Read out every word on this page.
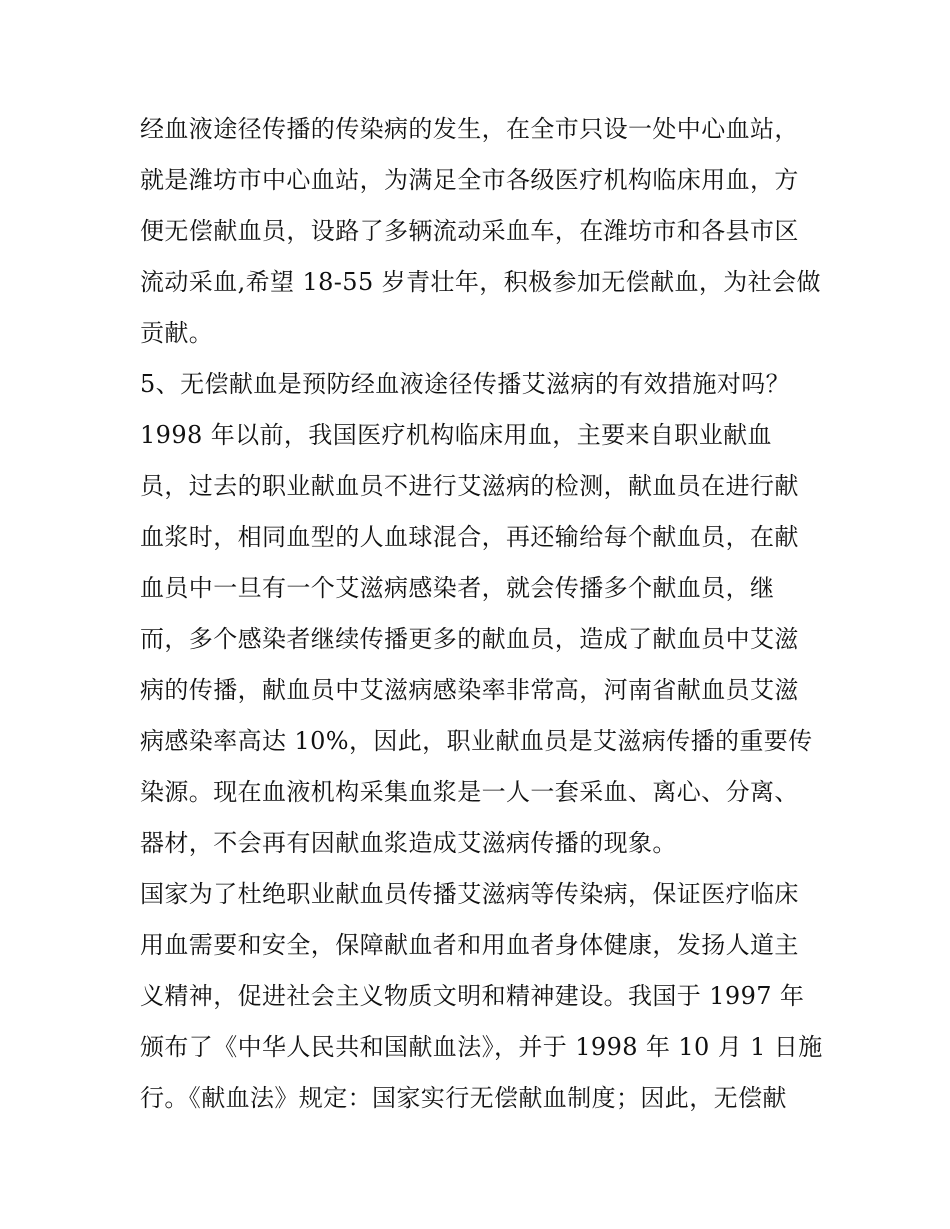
经血液途径传播的传染病的发生，在全市只设一处中心血站，
就是潍坊市中心血站，为满足全市各级医疗机构临床用血，方
便无偿献血员，设路了多辆流动采血车，在潍坊市和各县市区
流动采血,希望 18-55 岁青壮年，积极参加无偿献血，为社会做
贡献。
5、无偿献血是预防经血液途径传播艾滋病的有效措施对吗？
1998 年以前，我国医疗机构临床用血，主要来自职业献血
员，过去的职业献血员不进行艾滋病的检测，献血员在进行献
血浆时，相同血型的人血球混合，再还输给每个献血员，在献
血员中一旦有一个艾滋病感染者，就会传播多个献血员，继
而，多个感染者继续传播更多的献血员，造成了献血员中艾滋
病的传播，献血员中艾滋病感染率非常高，河南省献血员艾滋
病感染率高达 10%，因此，职业献血员是艾滋病传播的重要传
染源。现在血液机构采集血浆是一人一套采血、离心、分离、
器材，不会再有因献血浆造成艾滋病传播的现象。
国家为了杜绝职业献血员传播艾滋病等传染病，保证医疗临床
用血需要和安全，保障献血者和用血者身体健康，发扬人道主
义精神，促进社会主义物质文明和精神建设。我国于 1997 年
颁布了《中华人民共和国献血法》，并于 1998 年 10 月 1 日施
行。《献血法》规定：国家实行无偿献血制度；因此，无偿献
